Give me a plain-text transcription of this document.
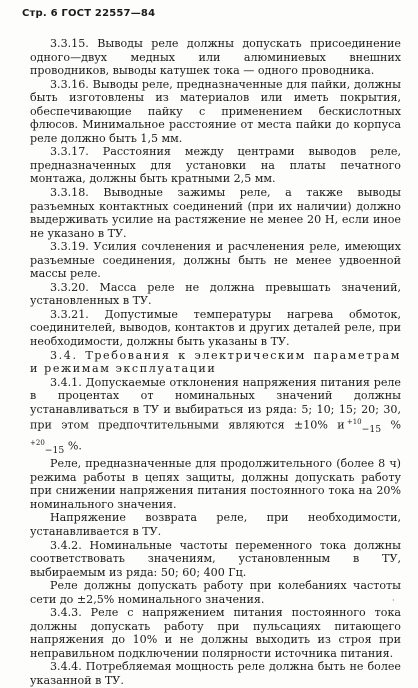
Стр. 6 ГОСТ 22557—84

3.3.15. Выводы реле должны допускать присоединение одного—двух медных или алюминиевых внешних проводников, выводы катушек тока — одного проводника.

3.3.16. Выводы реле, предназначенные для пайки, должны быть изготовлены из материалов или иметь покрытия, обеспечивающие пайку с применением бескислотных флюсов. Минимальное расстояние от места пайки до корпуса реле должно быть 1,5 мм.

3.3.17. Расстояния между центрами выводов реле, предназначенных для установки на платы печатного монтажа, должны быть кратными 2,5 мм.

3.3.18. Выводные зажимы реле, а также выводы разъемных контактных соединений (при их наличии) должно выдерживать усилие на растяжение не менее 20 Н, если иное не указано в ТУ.

3.3.19. Усилия сочленения и расчленения реле, имеющих разъемные соединения, должны быть не менее удвоенной массы реле.

3.3.20. Масса реле не должна превышать значений, установленных в ТУ.

3.3.21. Допустимые температуры нагрева обмоток, соединителей, выводов, контактов и других деталей реле, при необходимости, должны быть указаны в ТУ.

3.4. Требования к электрическим параметрам и режимам эксплуатации

3.4.1. Допускаемые отклонения напряжения питания реле в процентах от номинальных значений должны устанавливаться в ТУ и выбираться из ряда: 5; 10; 15; 20; 30, при этом предпочтительными являются ±10% и  $^{+10}_{-15}$ % $^{+20}_{-15}$ %.

Реле, предназначенные для продолжительного (более 8 ч) режима работы в цепях защиты, должны допускать работу при снижении напряжения питания постоянного тока на 20% номинального значения.

Напряжение возврата реле, при необходимости, устанавливается в ТУ.

3.4.2. Номинальные частоты переменного тока должны соответствовать значениям, установленным в ТУ, выбираемым из ряда: 50; 60; 400 Гц.

Реле должны допускать работу при колебаниях частоты сети до ±2,5% номинального значения.

3.4.3. Реле с напряжением питания постоянного тока должны допускать работу при пульсациях питающего напряжения до 10% и не должны выходить из строя при неправильном подключении полярности источника питания.

3.4.4. Потребляемая мощность реле должна быть не более указанной в ТУ.

·
